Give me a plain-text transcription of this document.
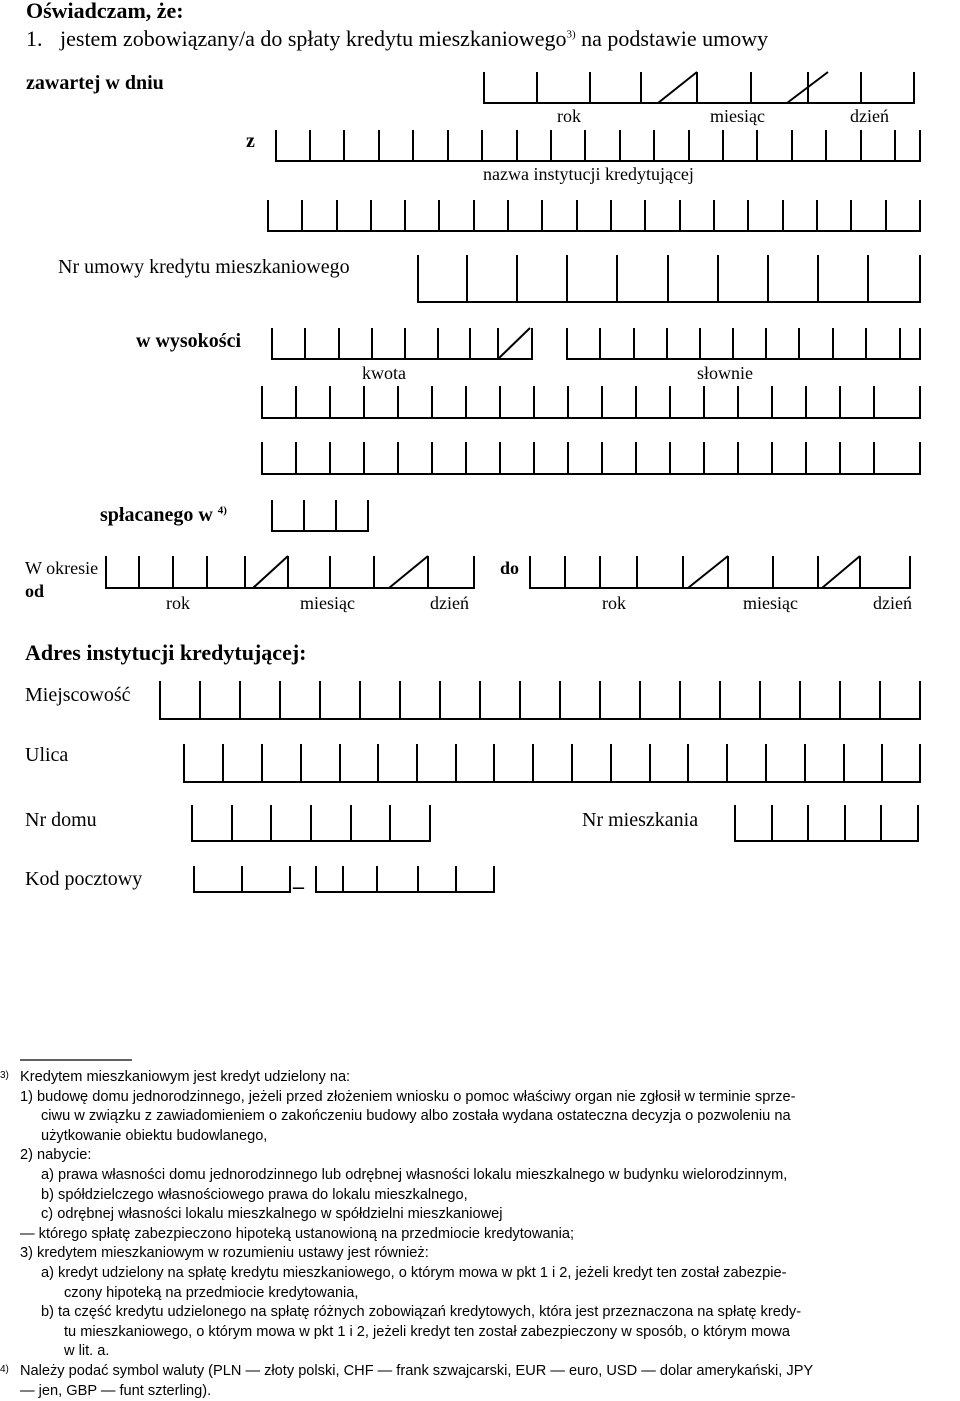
Oświadczam, że:
1. jestem zobowiązany/a do spłaty kredytu mieszkaniowego$^{3)}$ na podstawie umowy
zawartej w dniu
rok	miesiąc	dzień
z
nazwa instytucji kredytującej
Nr umowy kredytu mieszkaniowego
w wysokości
kwota	słownie
spłacanego w $^{4)}$
W okresie
od
do
rok	miesiąc	dzień	rok	miesiąc	dzień
Adres instytucji kredytującej:
Miejscowość
Ulica
Nr domu	Nr mieszkania
Kod pocztowy	_
3) Kredytem mieszkaniowym jest kredyt udzielony na:
1) budowę domu jednorodzinnego, jeżeli przed złożeniem wniosku o pomoc właściwy organ nie zgłosił w terminie sprze-
ciwu w związku z zawiadomieniem o zakończeniu budowy albo została wydana ostateczna decyzja o pozwoleniu na
użytkowanie obiektu budowlanego,
2) nabycie:
a) prawa własności domu jednorodzinnego lub odrębnej własności lokalu mieszkalnego w budynku wielorodzinnym,
b) spółdzielczego własnościowego prawa do lokalu mieszkalnego,
c) odrębnej własności lokalu mieszkalnego w spółdzielni mieszkaniowej
— którego spłatę zabezpieczono hipoteką ustanowioną na przedmiocie kredytowania;
3) kredytem mieszkaniowym w rozumieniu ustawy jest również:
a) kredyt udzielony na spłatę kredytu mieszkaniowego, o którym mowa w pkt 1 i 2, jeżeli kredyt ten został zabezpie-
czony hipoteką na przedmiocie kredytowania,
b) ta część kredytu udzielonego na spłatę różnych zobowiązań kredytowych, która jest przeznaczona na spłatę kredy-
tu mieszkaniowego, o którym mowa w pkt 1 i 2, jeżeli kredyt ten został zabezpieczony w sposób, o którym mowa
w lit. a.
4) Należy podać symbol waluty (PLN — złoty polski, CHF — frank szwajcarski, EUR — euro, USD — dolar amerykański, JPY
— jen, GBP — funt szterling).
